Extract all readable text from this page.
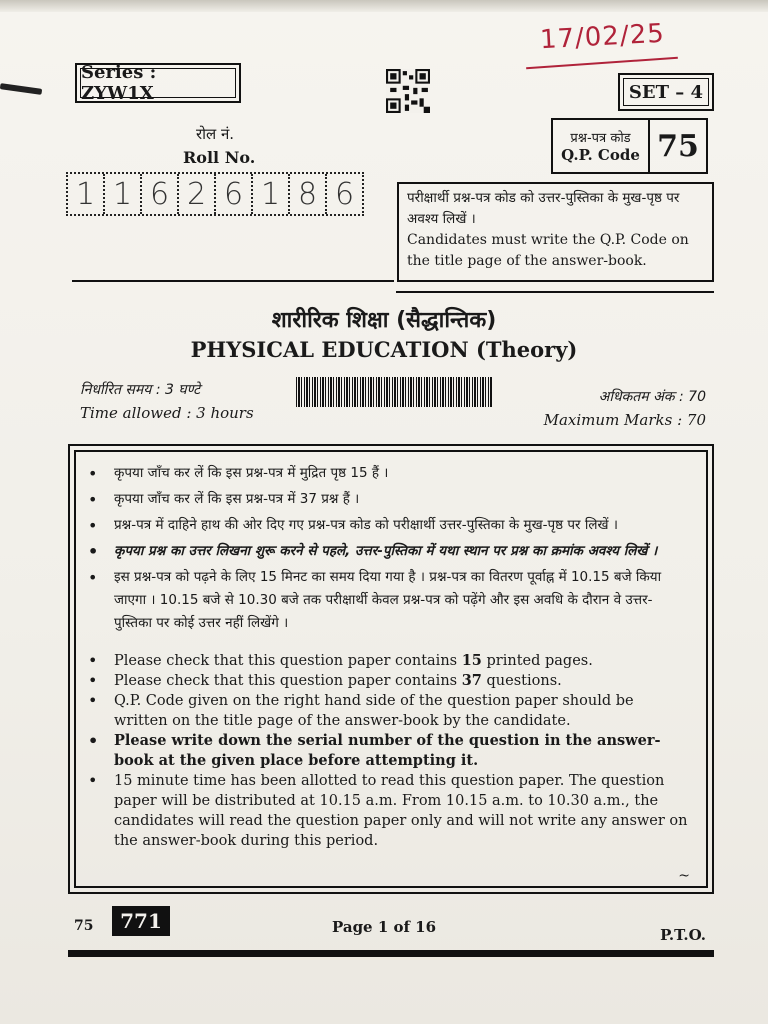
17/02/25
Series : ZYW1X	SET – 4
रोल नं.
Roll No.
1 1 6 2 6 1 8 6
प्रश्न-पत्र कोड
Q.P. Code 75
परीक्षार्थी प्रश्न-पत्र कोड को उत्तर-पुस्तिका के मुख-पृष्ठ पर अवश्य लिखें ।
Candidates must write the Q.P. Code on the title page of the answer-book.
शारीरिक शिक्षा (सैद्धान्तिक)
PHYSICAL EDUCATION (Theory)
निर्धारित समय : 3 घण्टे
Time allowed : 3 hours
अधिकतम अंक : 70
Maximum Marks : 70
• कृपया जाँच कर लें कि इस प्रश्न-पत्र में मुद्रित पृष्ठ 15 हैं ।
• कृपया जाँच कर लें कि इस प्रश्न-पत्र में 37 प्रश्न हैं ।
• प्रश्न-पत्र में दाहिने हाथ की ओर दिए गए प्रश्न-पत्र कोड को परीक्षार्थी उत्तर-पुस्तिका के मुख-पृष्ठ पर लिखें ।
• कृपया प्रश्न का उत्तर लिखना शुरू करने से पहले, उत्तर-पुस्तिका में यथा स्थान पर प्रश्न का क्रमांक अवश्य लिखें ।
• इस प्रश्न-पत्र को पढ़ने के लिए 15 मिनट का समय दिया गया है । प्रश्न-पत्र का वितरण पूर्वाह्न में 10.15 बजे किया जाएगा । 10.15 बजे से 10.30 बजे तक परीक्षार्थी केवल प्रश्न-पत्र को पढ़ेंगे और इस अवधि के दौरान वे उत्तर-पुस्तिका पर कोई उत्तर नहीं लिखेंगे ।
• Please check that this question paper contains 15 printed pages.
• Please check that this question paper contains 37 questions.
• Q.P. Code given on the right hand side of the question paper should be written on the title page of the answer-book by the candidate.
• Please write down the serial number of the question in the answer-book at the given place before attempting it.
• 15 minute time has been allotted to read this question paper. The question paper will be distributed at 10.15 a.m. From 10.15 a.m. to 10.30 a.m., the candidates will read the question paper only and will not write any answer on the answer-book during this period.
~
75	771	Page 1 of 16	P.T.O.
